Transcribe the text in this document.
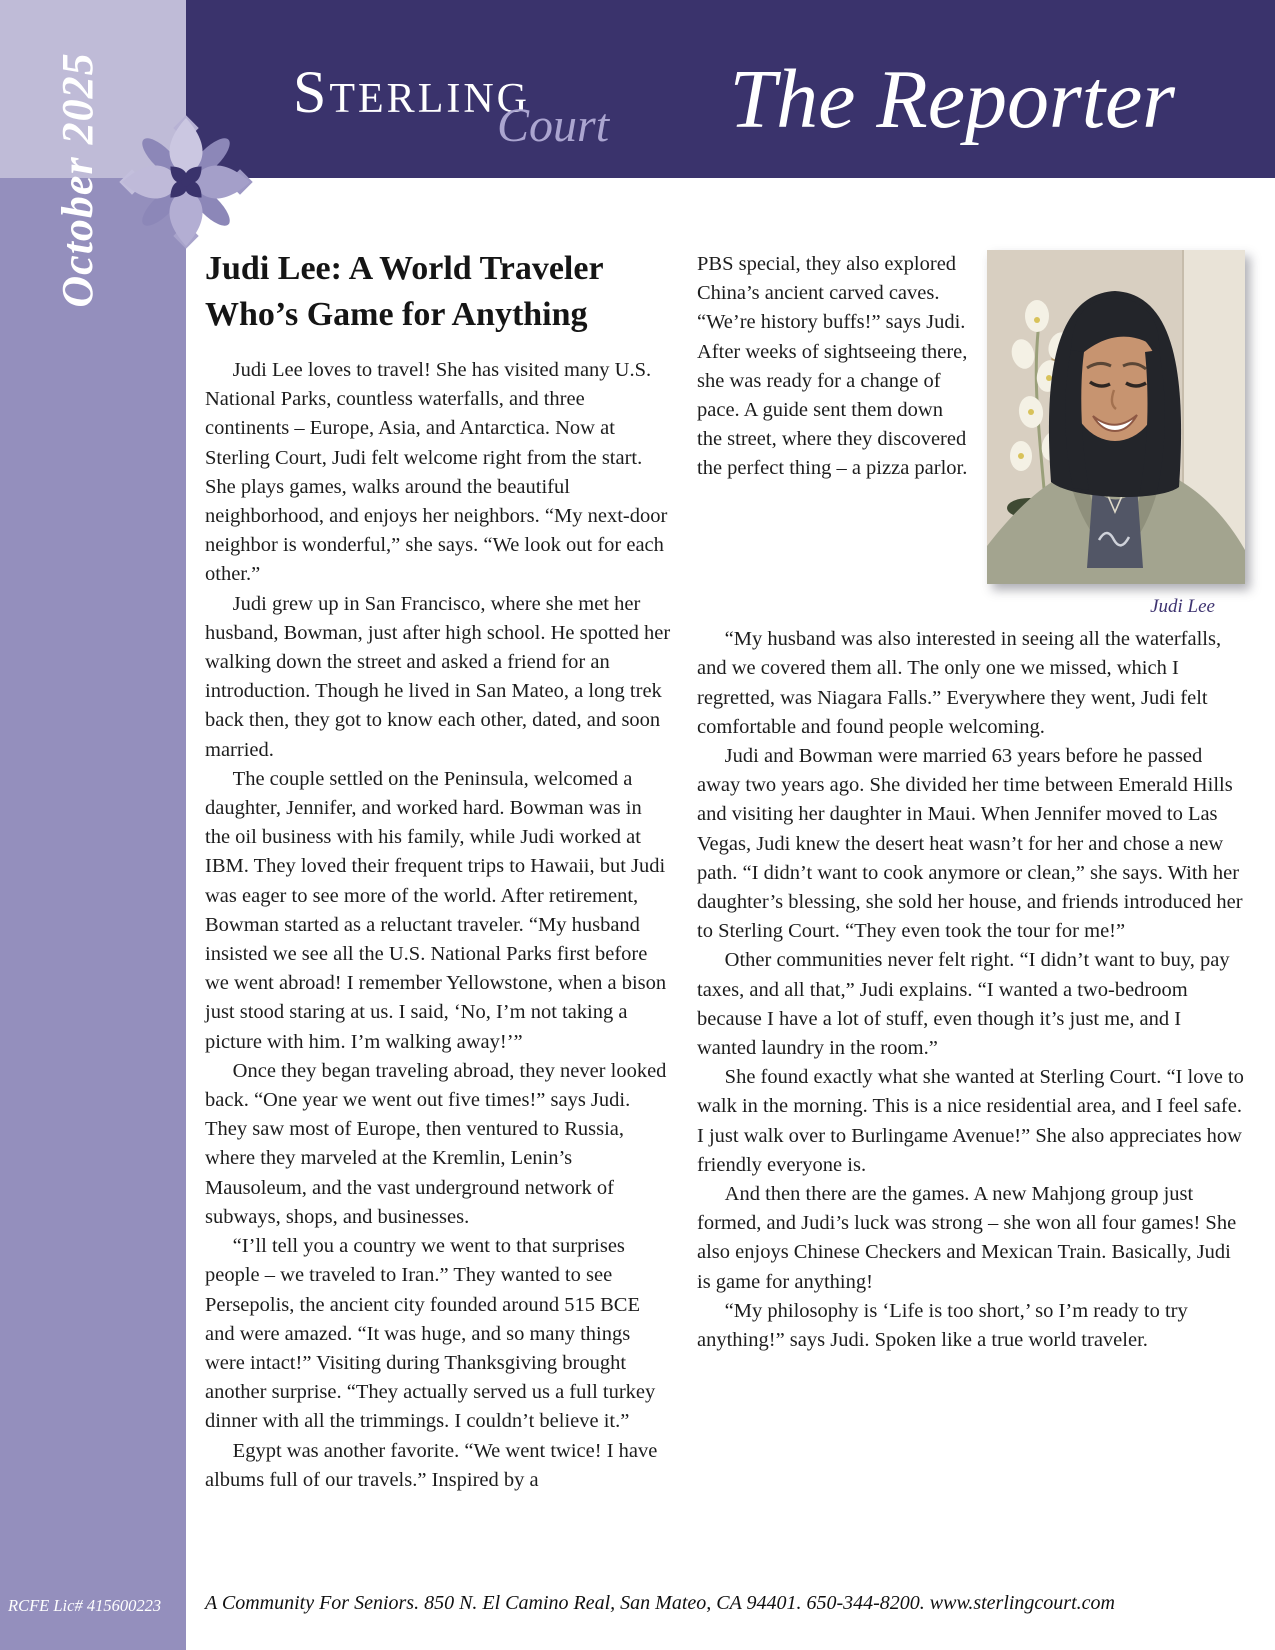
October 2025	Sterling
Court	The Reporter
Judi Lee: A World Traveler
Who’s Game for Anything

Judi Lee loves to travel! She has visited many U.S. National Parks, countless waterfalls, and three continents – Europe, Asia, and Antarctica. Now at Sterling Court, Judi felt welcome right from the start. She plays games, walks around the beautiful neighborhood, and enjoys her neighbors. “My next-door neighbor is wonderful,” she says. “We look out for each other.”

Judi grew up in San Francisco, where she met her husband, Bowman, just after high school. He spotted her walking down the street and asked a friend for an introduction. Though he lived in San Mateo, a long trek back then, they got to know each other, dated, and soon married.

The couple settled on the Peninsula, welcomed a daughter, Jennifer, and worked hard. Bowman was in the oil business with his family, while Judi worked at IBM. They loved their frequent trips to Hawaii, but Judi was eager to see more of the world. After retirement, Bowman started as a reluctant traveler. “My husband insisted we see all the U.S. National Parks first before we went abroad! I remember Yellowstone, when a bison just stood staring at us. I said, ‘No, I’m not taking a picture with him. I’m walking away!’”

Once they began traveling abroad, they never looked back. “One year we went out five times!” says Judi. They saw most of Europe, then ventured to Russia, where they marveled at the Kremlin, Lenin’s Mausoleum, and the vast underground network of subways, shops, and businesses.

“I’ll tell you a country we went to that surprises people – we traveled to Iran.” They wanted to see Persepolis, the ancient city founded around 515 BCE and were amazed. “It was huge, and so many things were intact!” Visiting during Thanksgiving brought another surprise. “They actually served us a full turkey dinner with all the trimmings. I couldn’t believe it.”

Egypt was another favorite. “We went twice! I have albums full of our travels.” Inspired by a

Judi Lee

PBS special, they also explored China’s ancient carved caves. “We’re history buffs!” says Judi. After weeks of sightseeing there, she was ready for a change of pace. A guide sent them down the street, where they discovered the perfect thing – a pizza parlor.

“My husband was also interested in seeing all the waterfalls, and we covered them all. The only one we missed, which I regretted, was Niagara Falls.” Everywhere they went, Judi felt comfortable and found people welcoming.

Judi and Bowman were married 63 years before he passed away two years ago. She divided her time between Emerald Hills and visiting her daughter in Maui. When Jennifer moved to Las Vegas, Judi knew the desert heat wasn’t for her and chose a new path. “I didn’t want to cook anymore or clean,” she says. With her daughter’s blessing, she sold her house, and friends introduced her to Sterling Court. “They even took the tour for me!”

Other communities never felt right. “I didn’t want to buy, pay taxes, and all that,” Judi explains. “I wanted a two-bedroom because I have a lot of stuff, even though it’s just me, and I wanted laundry in the room.”

She found exactly what she wanted at Sterling Court. “I love to walk in the morning. This is a nice residential area, and I feel safe. I just walk over to Burlingame Avenue!” She also appreciates how friendly everyone is.

And then there are the games. A new Mahjong group just formed, and Judi’s luck was strong – she won all four games! She also enjoys Chinese Checkers and Mexican Train. Basically, Judi is game for anything!

“My philosophy is ‘Life is too short,’ so I’m ready to try anything!” says Judi. Spoken like a true world traveler.

RCFE Lic# 415600223	A Community For Seniors. 850 N. El Camino Real, San Mateo, CA 94401. 650-344-8200. www.sterlingcourt.com
